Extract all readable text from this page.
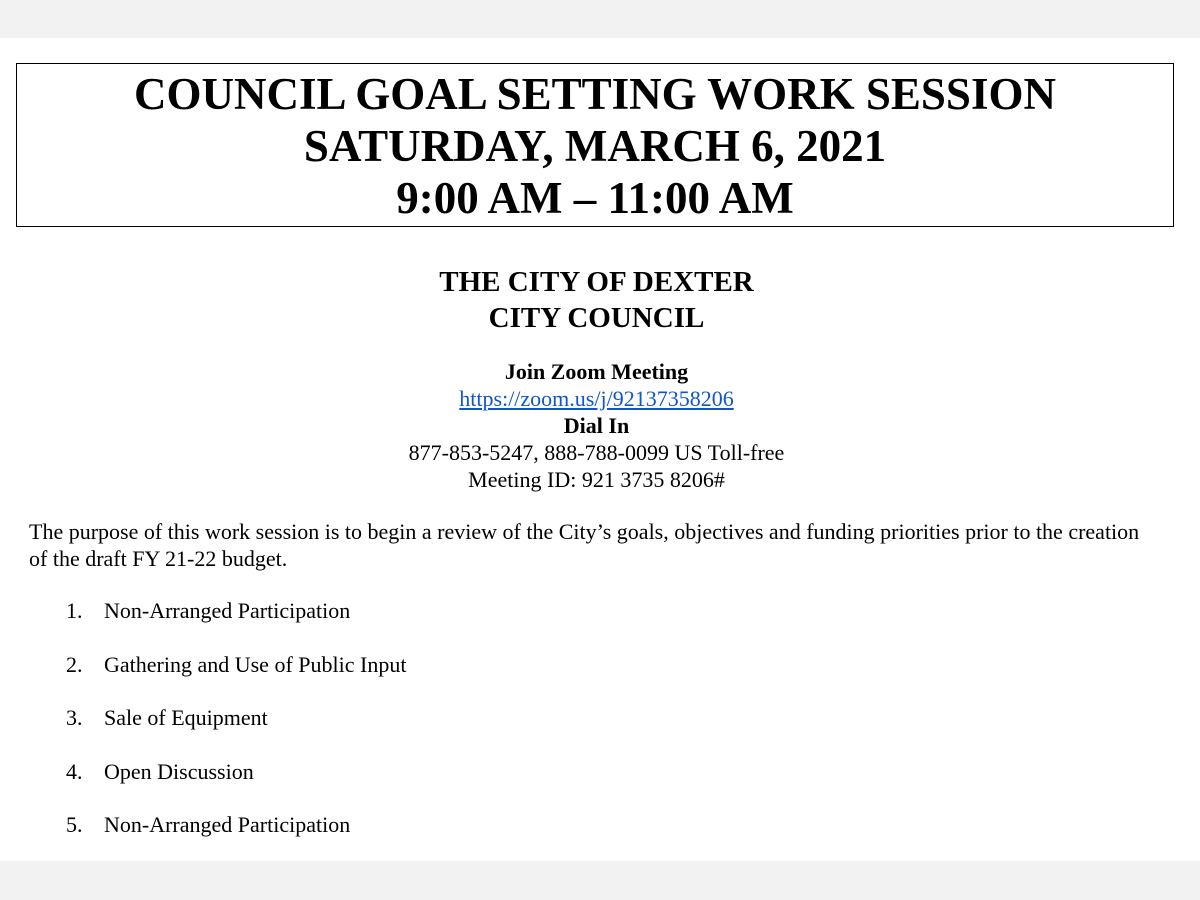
COUNCIL GOAL SETTING WORK SESSION
SATURDAY, MARCH 6, 2021
9:00 AM – 11:00 AM
THE CITY OF DEXTER
CITY COUNCIL
Join Zoom Meeting
https://zoom.us/j/92137358206
Dial In
877-853-5247, 888-788-0099 US Toll-free
Meeting ID: 921 3735 8206#
The purpose of this work session is to begin a review of the City’s goals, objectives and funding priorities prior to the creation of the draft FY 21-22 budget.
1. Non-Arranged Participation
2. Gathering and Use of Public Input
3. Sale of Equipment
4. Open Discussion
5. Non-Arranged Participation
